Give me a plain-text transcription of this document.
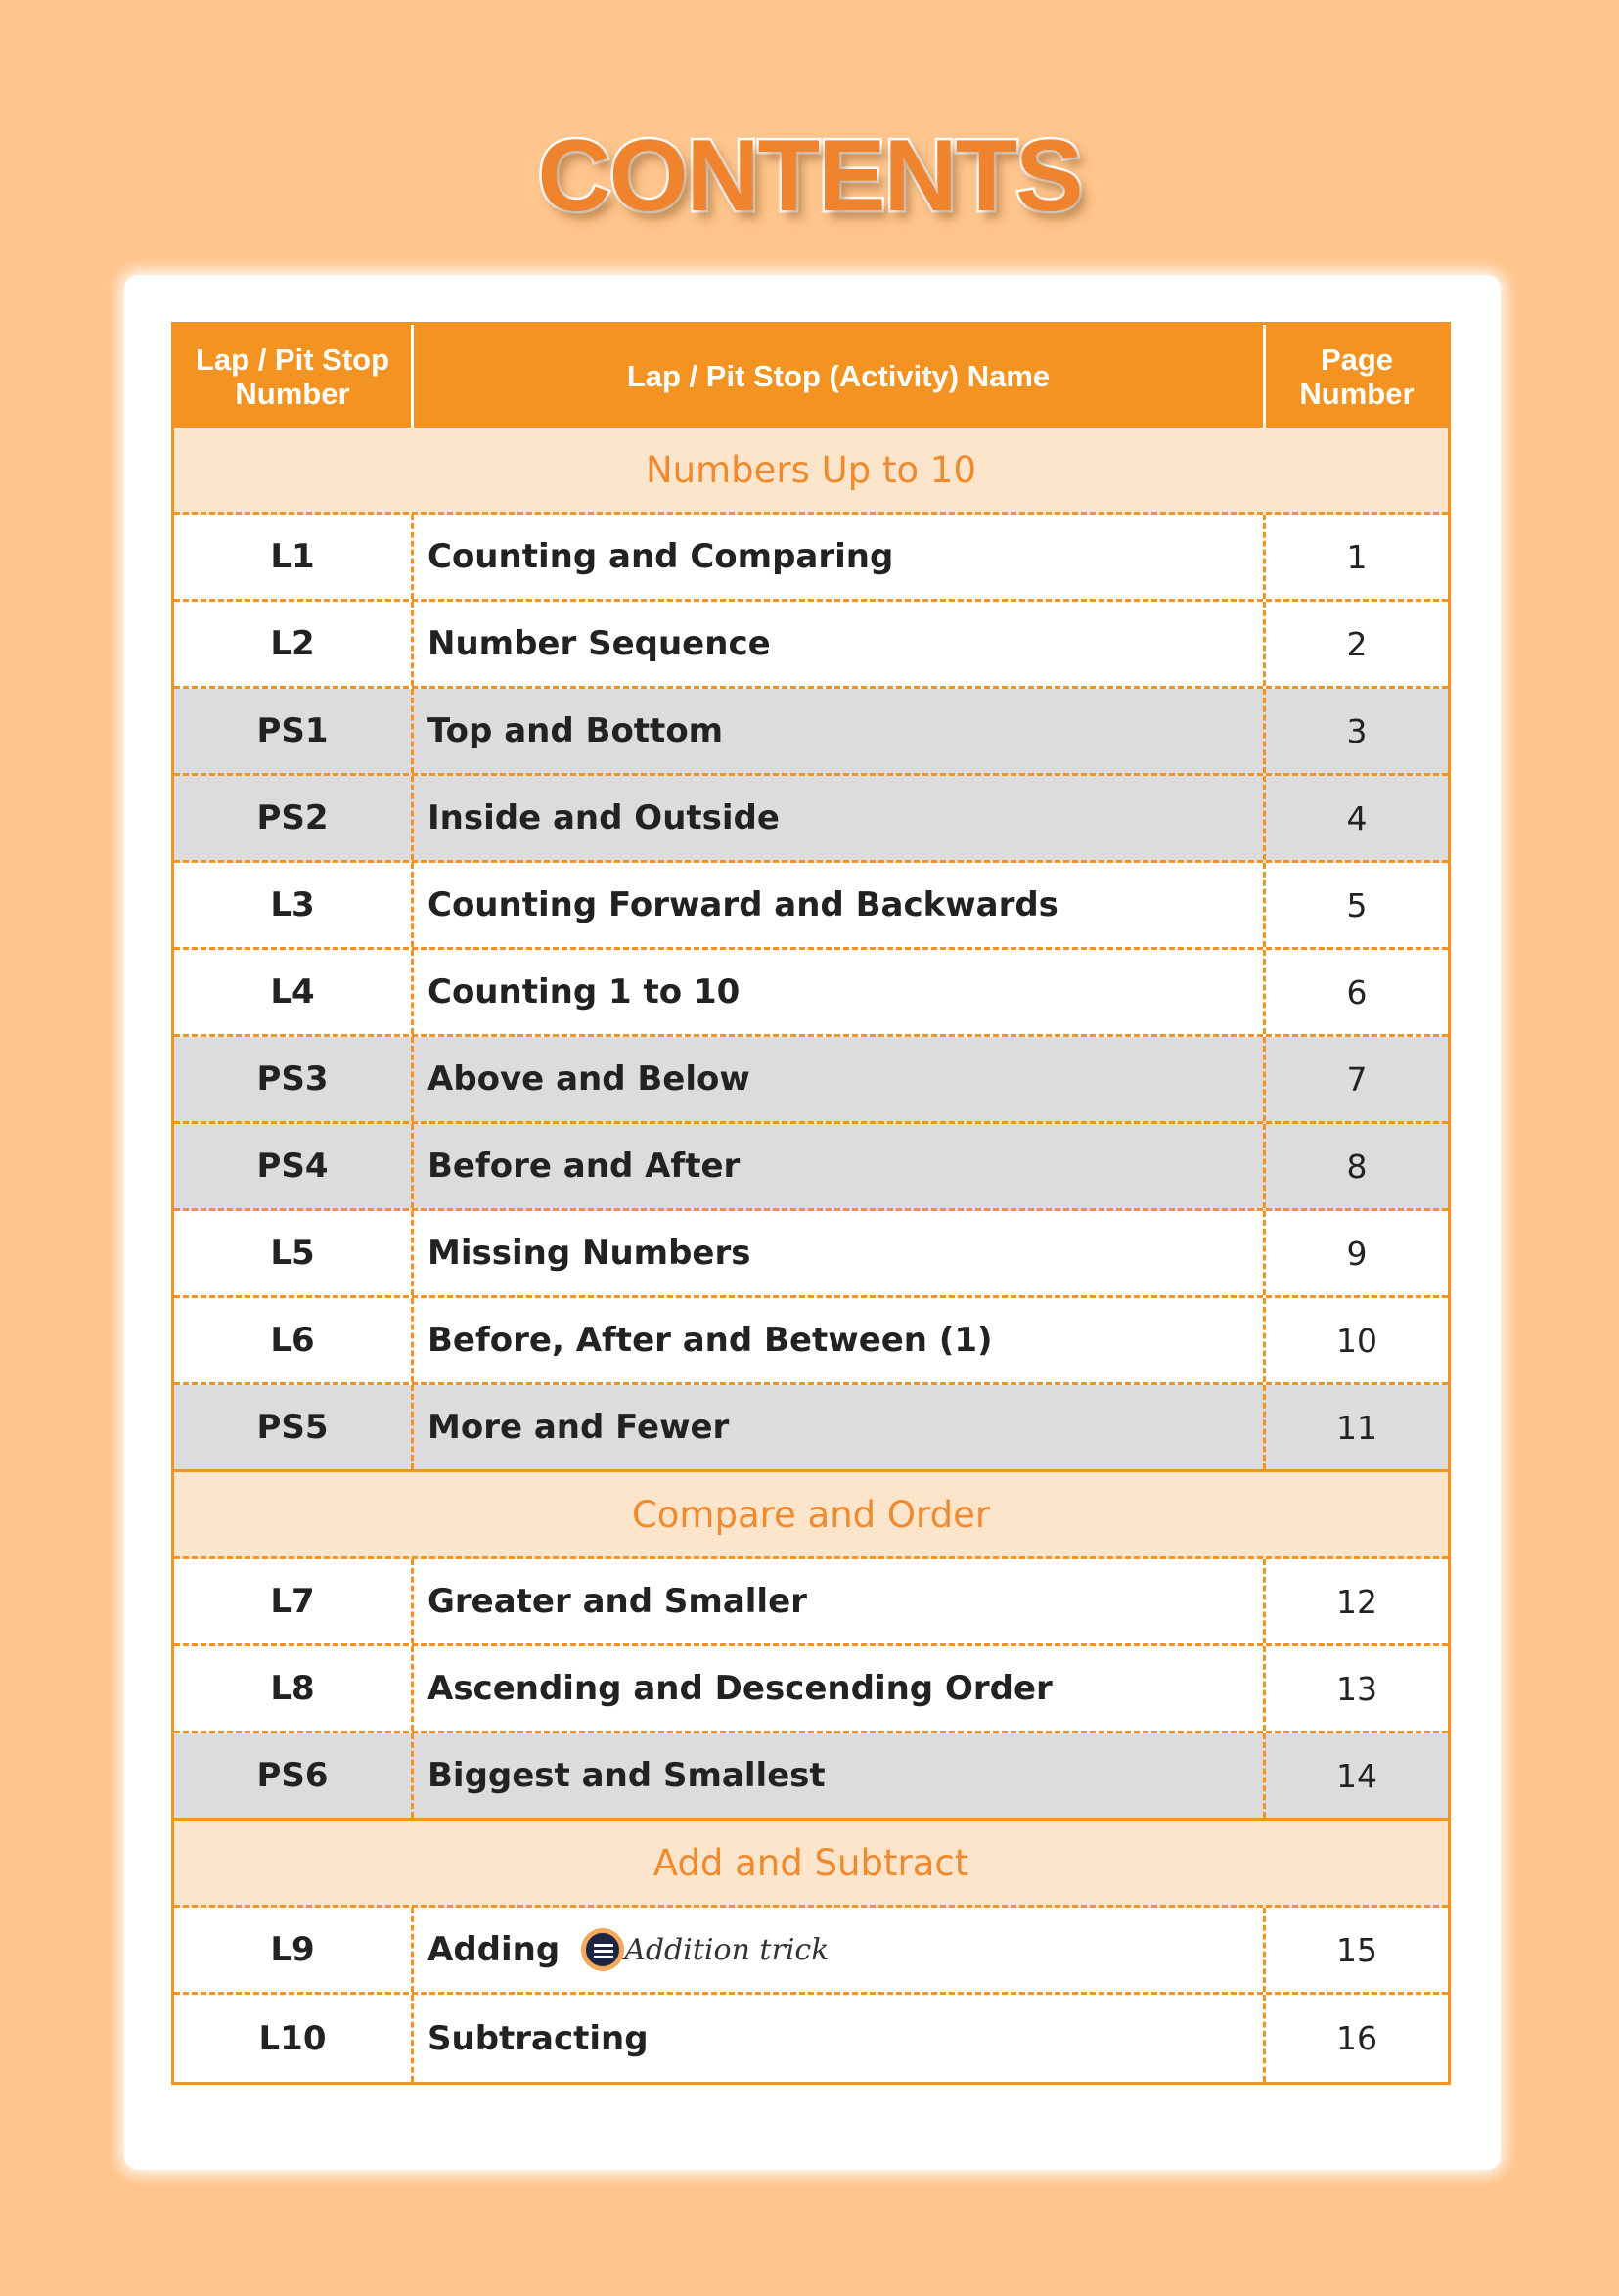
CONTENTS
Lap / Pit Stop Number	Lap / Pit Stop (Activity) Name	Page Number
Numbers Up to 10
L1	Counting and Comparing	1
L2	Number Sequence	2
PS1	Top and Bottom	3
PS2	Inside and Outside	4
L3	Counting Forward and Backwards	5
L4	Counting 1 to 10	6
PS3	Above and Below	7
PS4	Before and After	8
L5	Missing Numbers	9
L6	Before, After and Between (1)	10
PS5	More and Fewer	11
Compare and Order
L7	Greater and Smaller	12
L8	Ascending and Descending Order	13
PS6	Biggest and Smallest	14
Add and Subtract
L9	Adding Addition trick	15
L10	Subtracting	16
